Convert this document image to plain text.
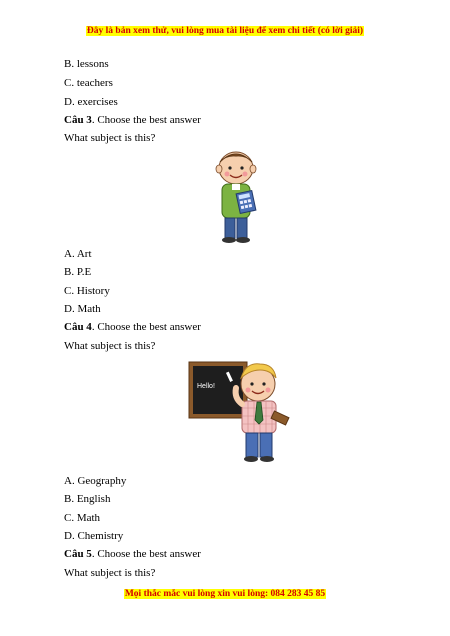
Đây là bản xem thử, vui lòng mua tài liệu để xem chi tiết (có lời giải)
B. lessons
C. teachers
D. exercises
Câu 3. Choose the best answer
What subject is this?
A. Art
B. P.E
C. History
D. Math
Câu 4. Choose the best answer
What subject is this?
Hello!
A. Geography
B. English
C. Math
D. Chemistry
Câu 5. Choose the best answer
What subject is this?
Mọi thắc mắc vui lòng xin vui lòng: 084 283 45 85
